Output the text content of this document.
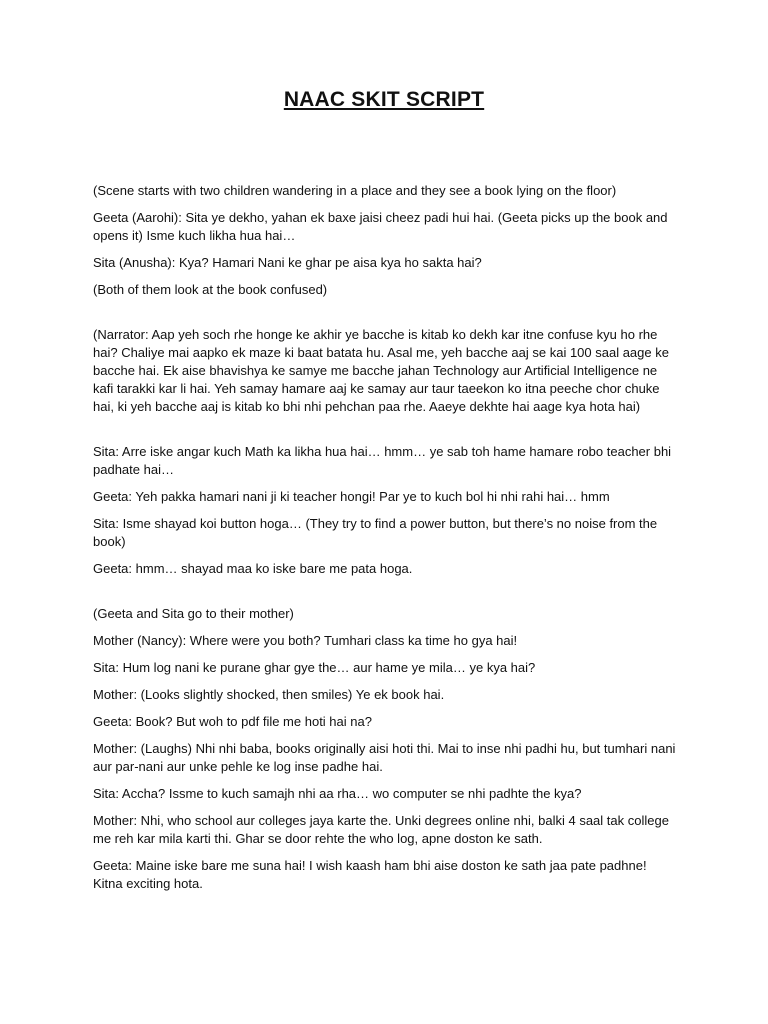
NAAC SKIT SCRIPT

(Scene starts with two children wandering in a place and they see a book lying on the floor)

Geeta (Aarohi): Sita ye dekho, yahan ek baxe jaisi cheez padi hui hai. (Geeta picks up the book and opens it) Isme kuch likha hua hai…

Sita (Anusha): Kya? Hamari Nani ke ghar pe aisa kya ho sakta hai?

(Both of them look at the book confused)

(Narrator: Aap yeh soch rhe honge ke akhir ye bacche is kitab ko dekh kar itne confuse kyu ho rhe hai? Chaliye mai aapko ek maze ki baat batata hu. Asal me, yeh bacche aaj se kai 100 saal aage ke bacche hai. Ek aise bhavishya ke samye me bacche jahan Technology aur Artificial Intelligence ne kafi tarakki kar li hai. Yeh samay hamare aaj ke samay aur taur taeekon ko itna peeche chor chuke hai, ki yeh bacche aaj is kitab ko bhi nhi pehchan paa rhe. Aaeye dekhte hai aage kya hota hai)

Sita: Arre iske angar kuch Math ka likha hua hai… hmm… ye sab toh hame hamare robo teacher bhi padhate hai…

Geeta: Yeh pakka hamari nani ji ki teacher hongi! Par ye to kuch bol hi nhi rahi hai… hmm

Sita: Isme shayad koi button hoga… (They try to find a power button, but there’s no noise from the book)

Geeta: hmm… shayad maa ko iske bare me pata hoga.

(Geeta and Sita go to their mother)

Mother (Nancy): Where were you both? Tumhari class ka time ho gya hai!

Sita: Hum log nani ke purane ghar gye the… aur hame ye mila… ye kya hai?

Mother: (Looks slightly shocked, then smiles) Ye ek book hai.

Geeta: Book? But woh to pdf file me hoti hai na?

Mother: (Laughs) Nhi nhi baba, books originally aisi hoti thi. Mai to inse nhi padhi hu, but tumhari nani aur par-nani aur unke pehle ke log inse padhe hai.

Sita: Accha? Issme to kuch samajh nhi aa rha… wo computer se nhi padhte the kya?

Mother: Nhi, who school aur colleges jaya karte the. Unki degrees online nhi, balki 4 saal tak college me reh kar mila karti thi. Ghar se door rehte the who log, apne doston ke sath.

Geeta: Maine iske bare me suna hai! I wish kaash ham bhi aise doston ke sath jaa pate padhne! Kitna exciting hota.
